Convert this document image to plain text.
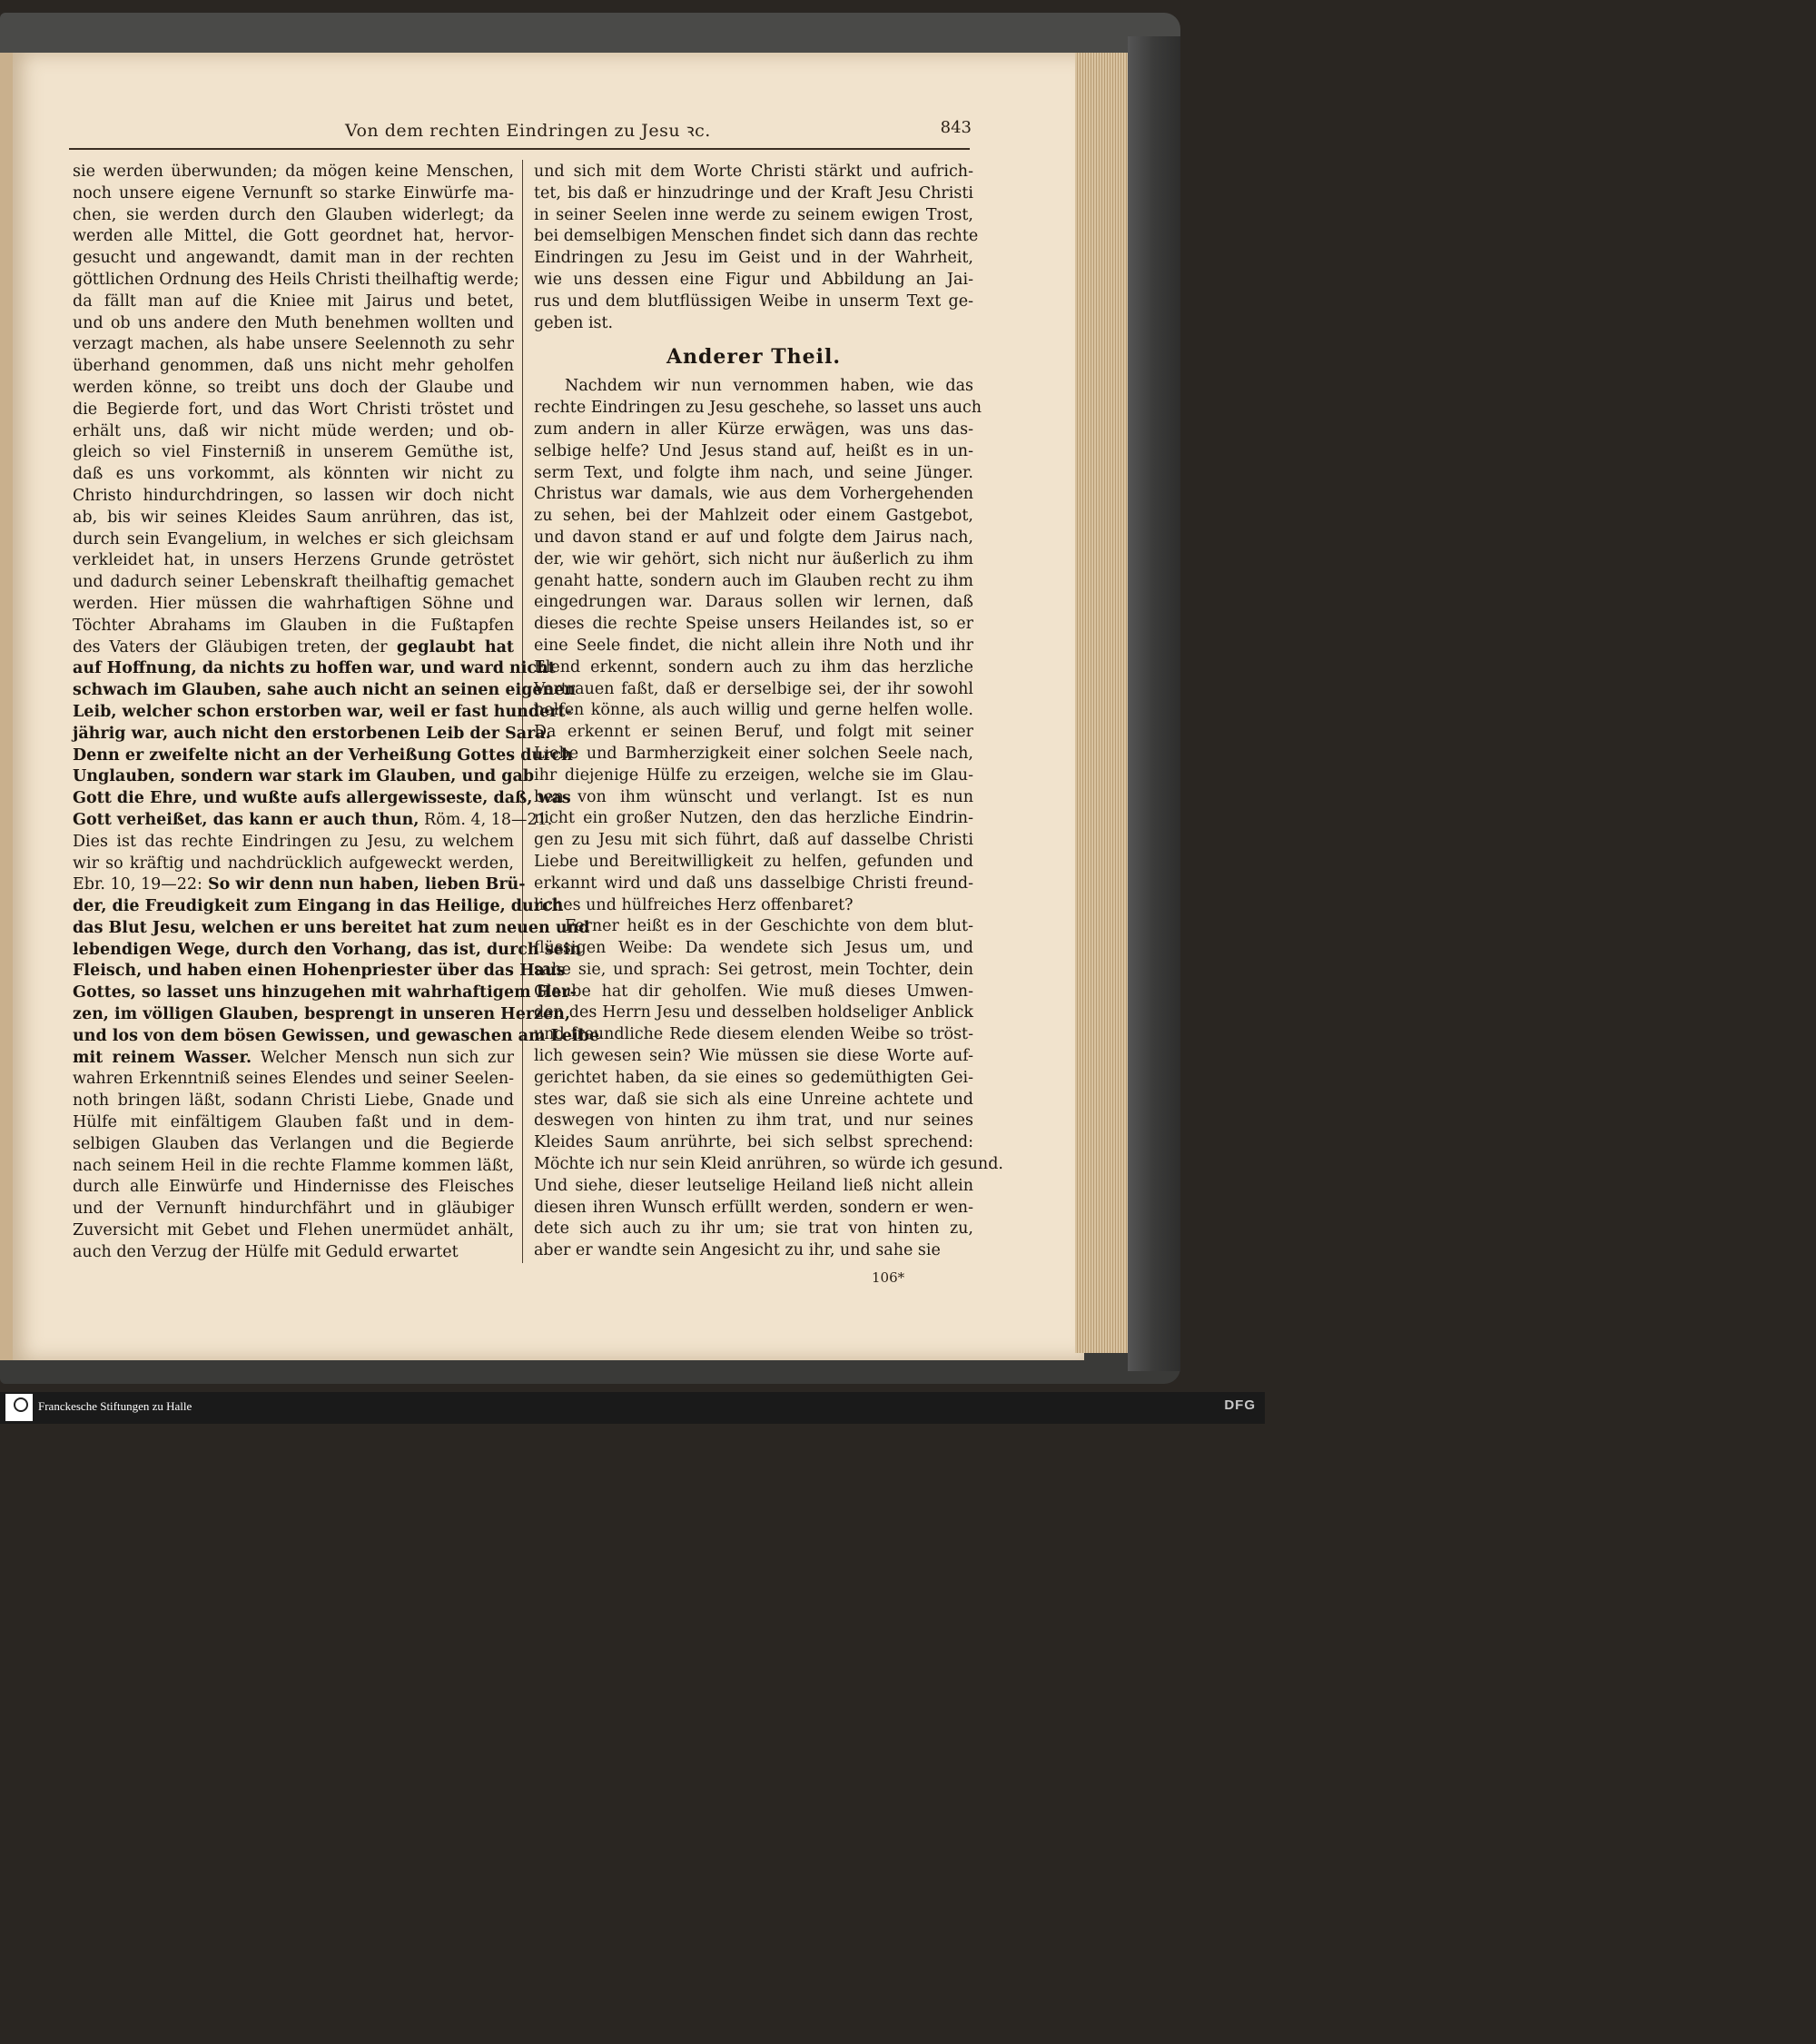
Von dem rechten Eindringen zu Jesu ꝛc.	843
sie werden überwunden; da mögen keine Menschen,
noch unsere eigene Vernunft so starke Einwürfe ma-
chen, sie werden durch den Glauben widerlegt; da
werden alle Mittel, die Gott geordnet hat, hervor-
gesucht und angewandt, damit man in der rechten
göttlichen Ordnung des Heils Christi theilhaftig werde;
da fällt man auf die Kniee mit Jairus und betet,
und ob uns andere den Muth benehmen wollten und
verzagt machen, als habe unsere Seelennoth zu sehr
überhand genommen, daß uns nicht mehr geholfen
werden könne, so treibt uns doch der Glaube und
die Begierde fort, und das Wort Christi tröstet und
erhält uns, daß wir nicht müde werden; und ob-
gleich so viel Finsterniß in unserem Gemüthe ist,
daß es uns vorkommt, als könnten wir nicht zu
Christo hindurchdringen, so lassen wir doch nicht
ab, bis wir seines Kleides Saum anrühren, das ist,
durch sein Evangelium, in welches er sich gleichsam
verkleidet hat, in unsers Herzens Grunde getröstet
und dadurch seiner Lebenskraft theilhaftig gemachet
werden. Hier müssen die wahrhaftigen Söhne und
Töchter Abrahams im Glauben in die Fußtapfen
des Vaters der Gläubigen treten, der geglaubt hat
auf Hoffnung, da nichts zu hoffen war, und ward nicht
schwach im Glauben, sahe auch nicht an seinen eigenen
Leib, welcher schon erstorben war, weil er fast hundert-
jährig war, auch nicht den erstorbenen Leib der Sara.
Denn er zweifelte nicht an der Verheißung Gottes durch
Unglauben, sondern war stark im Glauben, und gab
Gott die Ehre, und wußte aufs allergewisseste, daß, was
Gott verheißet, das kann er auch thun, Röm. 4, 18—21.
Dies ist das rechte Eindringen zu Jesu, zu welchem
wir so kräftig und nachdrücklich aufgeweckt werden,
Ebr. 10, 19—22: So wir denn nun haben, lieben Brü-
der, die Freudigkeit zum Eingang in das Heilige, durch
das Blut Jesu, welchen er uns bereitet hat zum neuen und
lebendigen Wege, durch den Vorhang, das ist, durch sein
Fleisch, und haben einen Hohenpriester über das Haus
Gottes, so lasset uns hinzugehen mit wahrhaftigem Her-
zen, im völligen Glauben, besprengt in unseren Herzen,
und los von dem bösen Gewissen, und gewaschen am Leibe
mit reinem Wasser. Welcher Mensch nun sich zur
wahren Erkenntniß seines Elendes und seiner Seelen-
noth bringen läßt, sodann Christi Liebe, Gnade und
Hülfe mit einfältigem Glauben faßt und in dem-
selbigen Glauben das Verlangen und die Begierde
nach seinem Heil in die rechte Flamme kommen läßt,
durch alle Einwürfe und Hindernisse des Fleisches
und der Vernunft hindurchfährt und in gläubiger
Zuversicht mit Gebet und Flehen unermüdet anhält,
auch den Verzug der Hülfe mit Geduld erwartet
und sich mit dem Worte Christi stärkt und aufrich-
tet, bis daß er hinzudringe und der Kraft Jesu Christi
in seiner Seelen inne werde zu seinem ewigen Trost,
bei demselbigen Menschen findet sich dann das rechte
Eindringen zu Jesu im Geist und in der Wahrheit,
wie uns dessen eine Figur und Abbildung an Jai-
rus und dem blutflüssigen Weibe in unserm Text ge-
geben ist.
Anderer Theil.
Nachdem wir nun vernommen haben, wie das
rechte Eindringen zu Jesu geschehe, so lasset uns auch
zum andern in aller Kürze erwägen, was uns das-
selbige helfe? Und Jesus stand auf, heißt es in un-
serm Text, und folgte ihm nach, und seine Jünger.
Christus war damals, wie aus dem Vorhergehenden
zu sehen, bei der Mahlzeit oder einem Gastgebot,
und davon stand er auf und folgte dem Jairus nach,
der, wie wir gehört, sich nicht nur äußerlich zu ihm
genaht hatte, sondern auch im Glauben recht zu ihm
eingedrungen war. Daraus sollen wir lernen, daß
dieses die rechte Speise unsers Heilandes ist, so er
eine Seele findet, die nicht allein ihre Noth und ihr
Elend erkennt, sondern auch zu ihm das herzliche
Vertrauen faßt, daß er derselbige sei, der ihr sowohl
helfen könne, als auch willig und gerne helfen wolle.
Da erkennt er seinen Beruf, und folgt mit seiner
Liebe und Barmherzigkeit einer solchen Seele nach,
ihr diejenige Hülfe zu erzeigen, welche sie im Glau-
ben von ihm wünscht und verlangt. Ist es nun
nicht ein großer Nutzen, den das herzliche Eindrin-
gen zu Jesu mit sich führt, daß auf dasselbe Christi
Liebe und Bereitwilligkeit zu helfen, gefunden und
erkannt wird und daß uns dasselbige Christi freund-
liches und hülfreiches Herz offenbaret?
Ferner heißt es in der Geschichte von dem blut-
flüssigen Weibe: Da wendete sich Jesus um, und
sahe sie, und sprach: Sei getrost, mein Tochter, dein
Glaube hat dir geholfen. Wie muß dieses Umwen-
den des Herrn Jesu und desselben holdseliger Anblick
und freundliche Rede diesem elenden Weibe so tröst-
lich gewesen sein? Wie müssen sie diese Worte auf-
gerichtet haben, da sie eines so gedemüthigten Gei-
stes war, daß sie sich als eine Unreine achtete und
deswegen von hinten zu ihm trat, und nur seines
Kleides Saum anrührte, bei sich selbst sprechend:
Möchte ich nur sein Kleid anrühren, so würde ich gesund.
Und siehe, dieser leutselige Heiland ließ nicht allein
diesen ihren Wunsch erfüllt werden, sondern er wen-
dete sich auch zu ihr um; sie trat von hinten zu,
aber er wandte sein Angesicht zu ihr, und sahe sie
106*
Franckesche Stiftungen zu Halle	DFG
